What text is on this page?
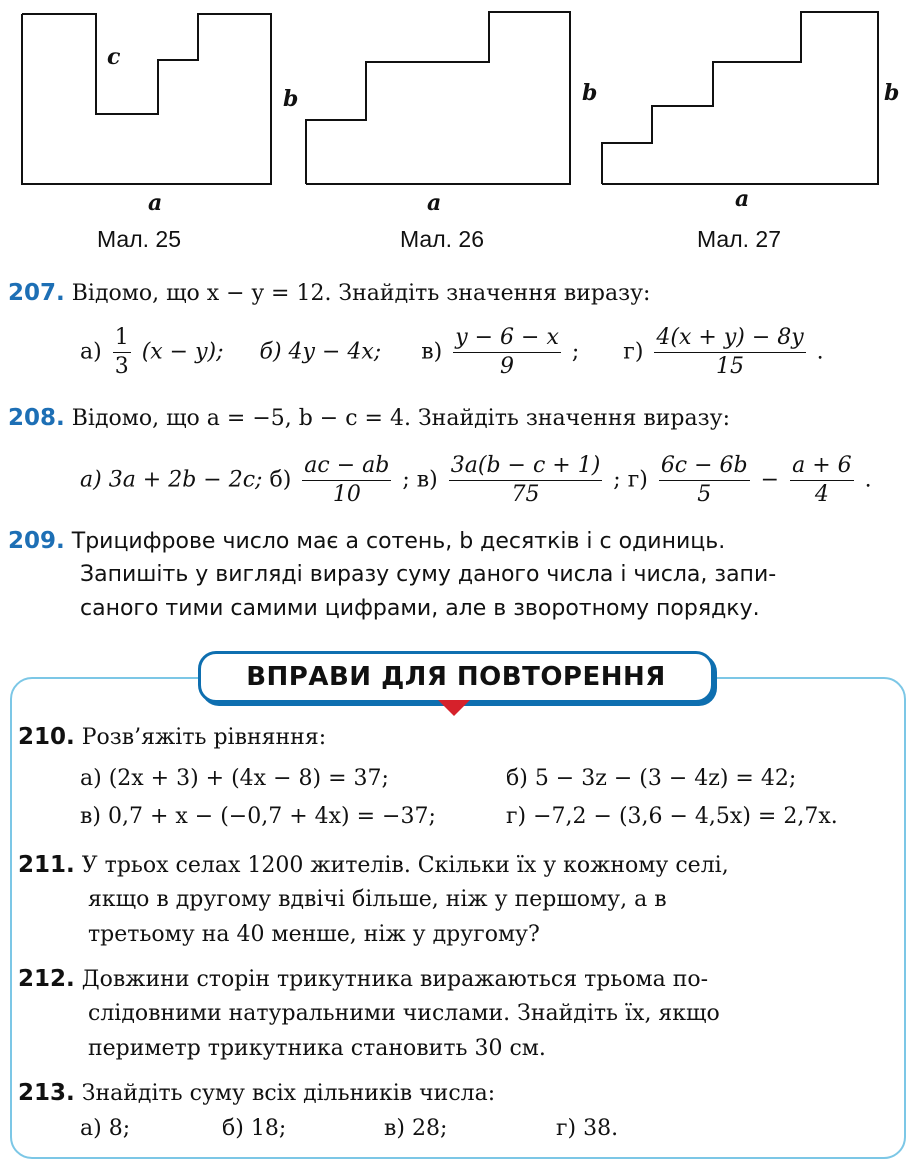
c
b
a
Мал. 25
b
a
Мал. 26
b
a
Мал. 27
207. Відомо, що x − y = 12. Знайдіть значення виразу:
$а) \frac{1}{3} (x - y)$; б) 4y − 4x; $в) \frac{y - 6 - x}{9}$ ; $г) \frac{4(x + y) - 8y}{15}$ .
208. Відомо, що a = −5, b − c = 4. Знайдіть значення виразу:
а) 3a + 2b − 2c; $б) \frac{ac - ab}{10}$ ; $в) \frac{3a(b - c + 1)}{75}$ ; $г) \frac{6c - 6b}{5} - \frac{a + 6}{4}$ .
209. Трицифрове число має a сотень, b десятків і c одиниць.
Запишіть у вигляді виразу суму даного числа і числа, запи-
саного тими самими цифрами, але в зворотному порядку.
ВПРАВИ ДЛЯ ПОВТОРЕННЯ
210. Розв’яжіть рівняння:
а) (2x + 3) + (4x − 8) = 37;	б) 5 − 3z − (3 − 4z) = 42;
в) 0,7 + x − (−0,7 + 4x) = −37;	г) −7,2 − (3,6 − 4,5x) = 2,7x.
211. У трьох селах 1200 жителів. Скільки їх у кожному селі,
якщо в другому вдвічі більше, ніж у першому, а в
третьому на 40 менше, ніж у другому?
212. Довжини сторін трикутника виражаються трьома по-
слідовними натуральними числами. Знайдіть їх, якщо
периметр трикутника становить 30 см.
213. Знайдіть суму всіх дільників числа:
а) 8;	б) 18;	в) 28;	г) 38.
